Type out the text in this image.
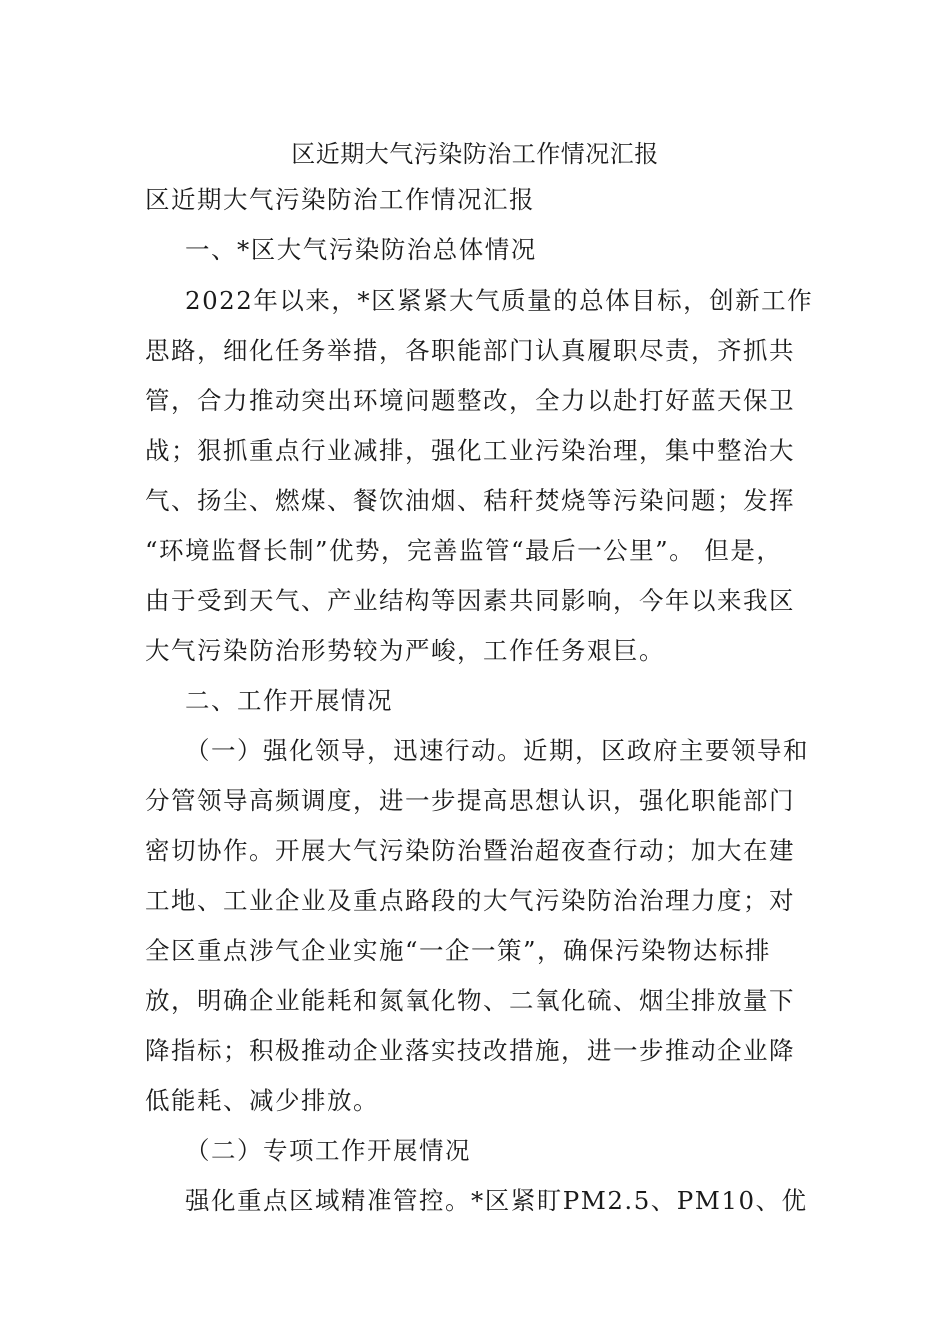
区近期大气污染防治工作情况汇报
区近期大气污染防治工作情况汇报
一、*区大气污染防治总体情况
2022年以来，*区紧紧大气质量的总体目标，创新工作
思路，细化任务举措，各职能部门认真履职尽责，齐抓共
管，合力推动突出环境问题整改，全力以赴打好蓝天保卫
战；狠抓重点行业减排，强化工业污染治理，集中整治大
气、扬尘、燃煤、餐饮油烟、秸秆焚烧等污染问题；发挥
“环境监督长制”优势，完善监管“最后一公里”。 但是，
由于受到天气、产业结构等因素共同影响，今年以来我区
大气污染防治形势较为严峻，工作任务艰巨。
二、工作开展情况
（一）强化领导，迅速行动。近期，区政府主要领导和
分管领导高频调度，进一步提高思想认识，强化职能部门
密切协作。开展大气污染防治暨治超夜查行动；加大在建
工地、工业企业及重点路段的大气污染防治治理力度；对
全区重点涉气企业实施“一企一策”，确保污染物达标排
放，明确企业能耗和氮氧化物、二氧化硫、烟尘排放量下
降指标；积极推动企业落实技改措施，进一步推动企业降
低能耗、减少排放。
（二）专项工作开展情况
强化重点区域精准管控。*区紧盯PM2.5、PM10、优
